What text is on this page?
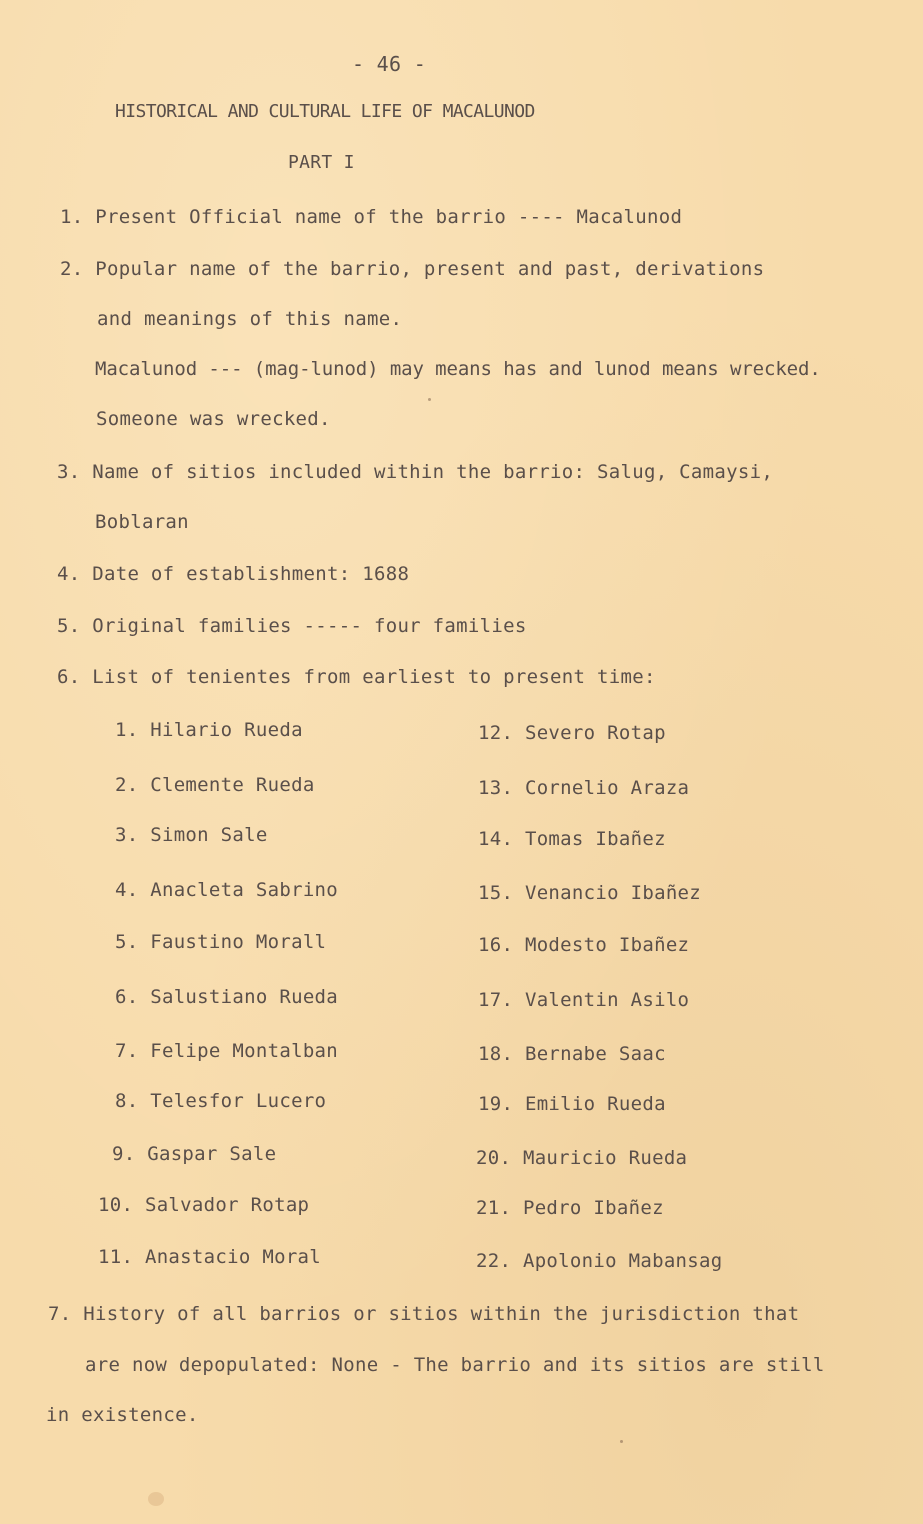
- 46 -
HISTORICAL AND CULTURAL LIFE OF MACALUNOD
PART I
1. Present Official name of the barrio ---- Macalunod
2. Popular name of the barrio, present and past, derivations
and meanings of this name.
Macalunod --- (mag-lunod) may means has and lunod means wrecked.
Someone was wrecked.
3. Name of sitios included within the barrio: Salug, Camaysi,
Boblaran
4. Date of establishment: 1688
5. Original families ----- four families
6. List of tenientes from earliest to present time:
1. Hilario Rueda
2. Clemente Rueda
3. Simon Sale
4. Anacleta Sabrino
5. Faustino Morall
6. Salustiano Rueda
7. Felipe Montalban
8. Telesfor Lucero
9. Gaspar Sale
10. Salvador Rotap
11. Anastacio Moral
12. Severo Rotap
13. Cornelio Araza
14. Tomas Ibañez
15. Venancio Ibañez
16. Modesto Ibañez
17. Valentin Asilo
18. Bernabe Saac
19. Emilio Rueda
20. Mauricio Rueda
21. Pedro Ibañez
22. Apolonio Mabansag
7. History of all barrios or sitios within the jurisdiction that
are now depopulated: None - The barrio and its sitios are still
in existence.
